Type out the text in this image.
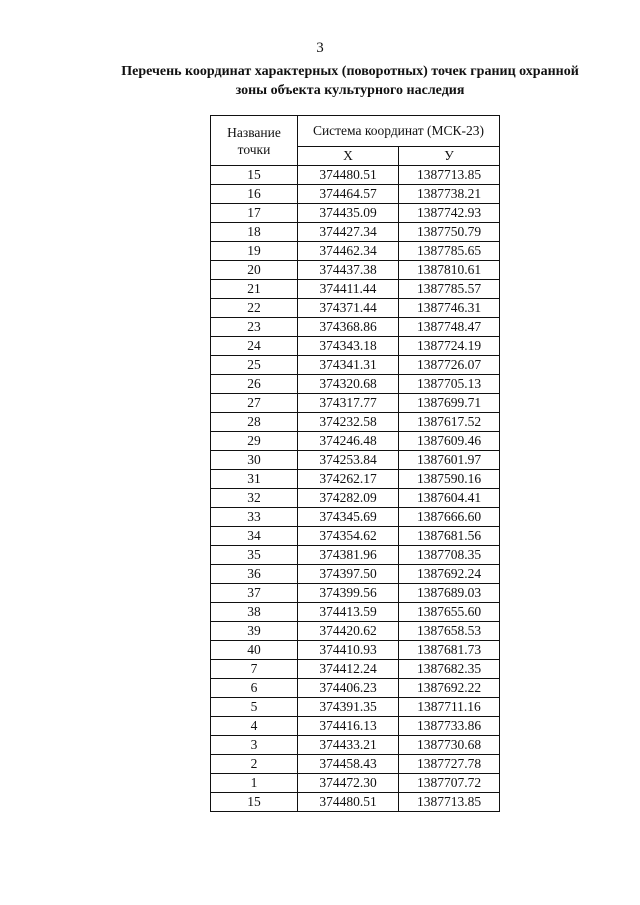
3
Перечень координат характерных (поворотных) точек границ охранной
зоны объекта культурного наследия
Название
точки	Система координат (МСК-23)	
	Х	У
15	374480.51	1387713.85
16	374464.57	1387738.21
17	374435.09	1387742.93
18	374427.34	1387750.79
19	374462.34	1387785.65
20	374437.38	1387810.61
21	374411.44	1387785.57
22	374371.44	1387746.31
23	374368.86	1387748.47
24	374343.18	1387724.19
25	374341.31	1387726.07
26	374320.68	1387705.13
27	374317.77	1387699.71
28	374232.58	1387617.52
29	374246.48	1387609.46
30	374253.84	1387601.97
31	374262.17	1387590.16
32	374282.09	1387604.41
33	374345.69	1387666.60
34	374354.62	1387681.56
35	374381.96	1387708.35
36	374397.50	1387692.24
37	374399.56	1387689.03
38	374413.59	1387655.60
39	374420.62	1387658.53
40	374410.93	1387681.73
7	374412.24	1387682.35
6	374406.23	1387692.22
5	374391.35	1387711.16
4	374416.13	1387733.86
3	374433.21	1387730.68
2	374458.43	1387727.78
1	374472.30	1387707.72
15	374480.51	1387713.85
